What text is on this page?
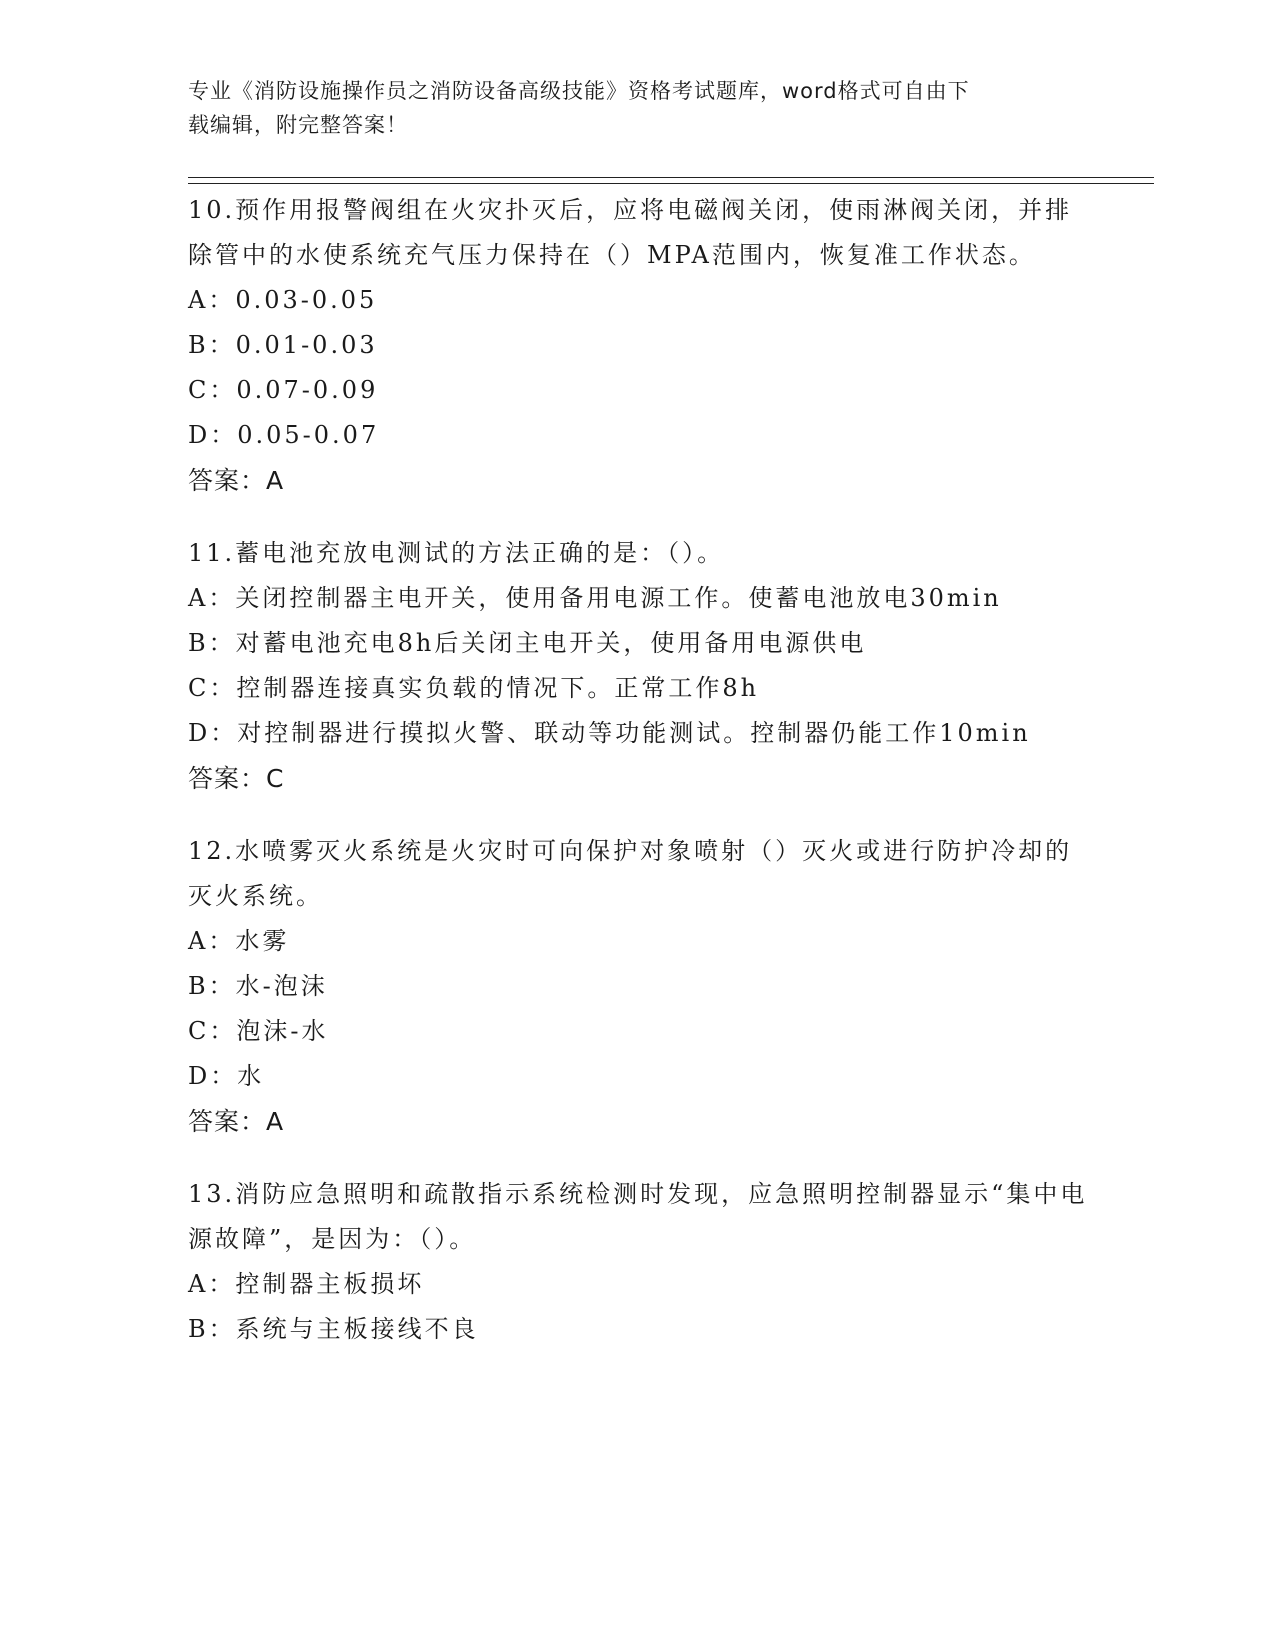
专业《消防设施操作员之消防设备高级技能》资格考试题库，word格式可自由下
载编辑，附完整答案！

10.预作用报警阀组在火灾扑灭后，应将电磁阀关闭，使雨淋阀关闭，并排除管中的水使系统充气压力保持在（）MPA范围内，恢复准工作状态。

A：0.03-0.05

B：0.01-0.03

C：0.07-0.09

D：0.05-0.07

答案：A

11.蓄电池充放电测试的方法正确的是：（）。

A：关闭控制器主电开关，使用备用电源工作。使蓄电池放电30min

B：对蓄电池充电8h后关闭主电开关，使用备用电源供电

C：控制器连接真实负载的情况下。正常工作8h

D：对控制器进行摸拟火警、联动等功能测试。控制器仍能工作10min

答案：C

12.水喷雾灭火系统是火灾时可向保护对象喷射（）灭火或进行防护冷却的灭火系统。

A：水雾

B：水-泡沫

C：泡沫-水

D：水

答案：A

13.消防应急照明和疏散指示系统检测时发现，应急照明控制器显示“集中电源故障”，是因为：（）。

A：控制器主板损坏

B：系统与主板接线不良
